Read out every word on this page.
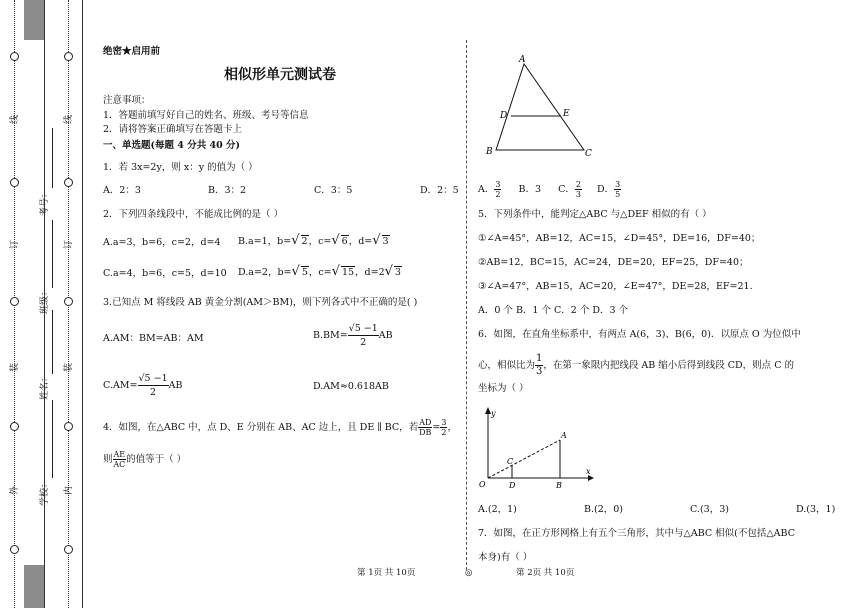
线
订
装
外
线
订
装
内
考号：
班级：
姓名：
学校：
绝密★启用前
相似形单元测试卷
注意事项：
1．答题前填写好自己的姓名、班级、考号等信息
2．请将答案正确填写在答题卡上
一、单选题(每题 4 分共 40 分)
1．若 3x=2y，则 x：y 的值为（ ）
A．2：3	B．3：2	C．3：5	D．2：5
2．下列四条线段中，不能成比例的是（ ）
A.a=3，b=6，c=2，d=4 B.a=1，b=√ 2，c=√ 6，d=√ 3
C.a=4，b=6，c=5，d=10 D.a=2，b=√ 5，c=√ 15，d=2√ 3
3.已知点 M 将线段 AB 黄金分割(AM＞BM)，则下列各式中不正确的是( )
A.AM：BM=AB：AM	$B.BM= \frac{√5 -1}{2}$ AB
$C.AM= \frac{√5 -1}{2}$ AB	D.AM≈0.618AB
4．如图，在△ABC 中，点 D、E 分别在 AB、AC 边上，且 DE ∥ BC，若 $\frac{AD}{DB} = \frac{3}{2}$ ，
则 $\frac{AE}{AC}$ 的值等于（ ）
A
D	E
B	C
A． $\frac{3}{2}$ B．3 C． $\frac{2}{3}$ D． $\frac{3}{5}$
5．下列条件中，能判定△ABC 与△DEF 相似的有（ ）
①∠A=45°，AB=12，AC=15，∠D=45°，DE=16，DF=40；
②AB=12，BC=15，AC=24，DE=20，EF=25，DF=40；
③∠A=47°，AB=15，AC=20，∠E=47°，DE=28，EF=21.
A．0 个 B．1 个 C．2 个 D．3 个
6．如图，在直角坐标系中，有两点 A(6，3)、B(6，0)．以原点 O 为位似中
心，相似比为 $\frac{1}{3}$ ，在第一象限内把线段 AB 缩小后得到线段 CD，则点 C 的
坐标为（ ）
y
A
C
O	D	B
x
A.(2，1)	B.(2，0)	C.(3，3)	D.(3，1)
7．如图，在正方形网格上有五个三角形，其中与△ABC 相似(不包括△ABC
本身)有（ ）
第 1页 共 10页	◎	第 2页 共 10页
